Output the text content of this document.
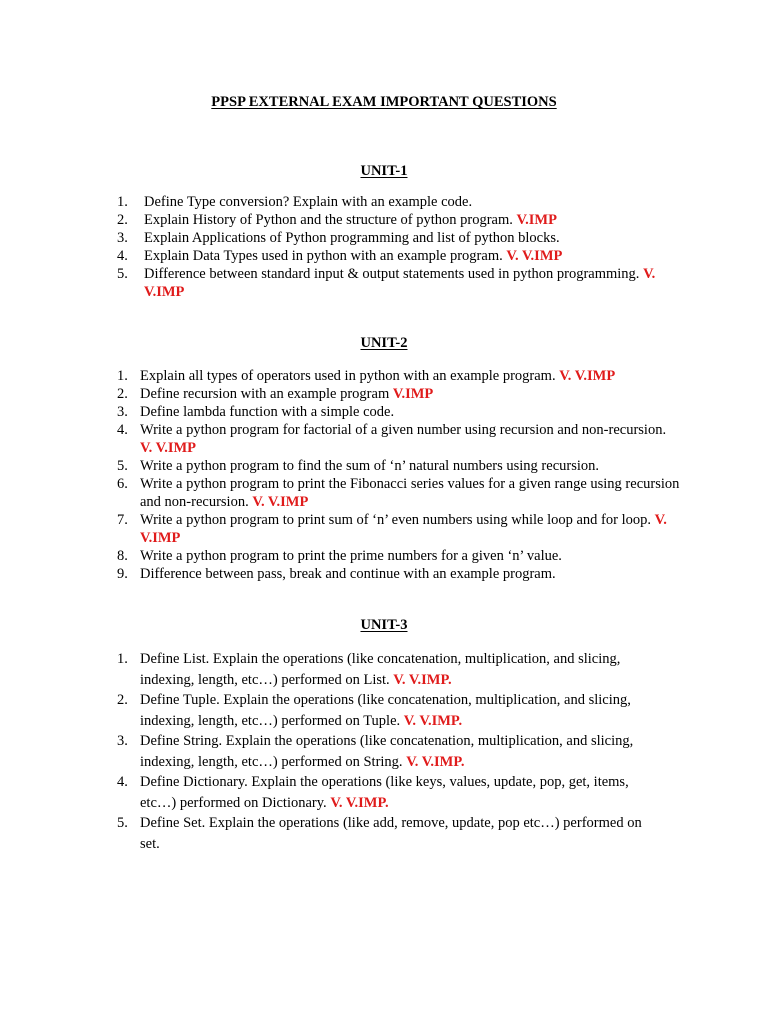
PPSP EXTERNAL EXAM IMPORTANT QUESTIONS
UNIT-1
1. Define Type conversion? Explain with an example code.
2. Explain History of Python and the structure of python program. V.IMP
3. Explain Applications of Python programming and list of python blocks.
4. Explain Data Types used in python with an example program. V. V.IMP
5. Difference between standard input & output statements used in python programming. V. V.IMP
UNIT-2
1. Explain all types of operators used in python with an example program. V. V.IMP
2. Define recursion with an example program V.IMP
3. Define lambda function with a simple code.
4. Write a python program for factorial of a given number using recursion and non-recursion. V. V.IMP
5. Write a python program to find the sum of ‘n’ natural numbers using recursion.
6. Write a python program to print the Fibonacci series values for a given range using recursion and non-recursion. V. V.IMP
7. Write a python program to print sum of ‘n’ even numbers using while loop and for loop. V. V.IMP
8. Write a python program to print the prime numbers for a given ‘n’ value.
9. Difference between pass, break and continue with an example program.
UNIT-3
1. Define List. Explain the operations (like concatenation, multiplication, and slicing, indexing, length, etc…) performed on List. V. V.IMP.
2. Define Tuple. Explain the operations (like concatenation, multiplication, and slicing, indexing, length, etc…) performed on Tuple. V. V.IMP.
3. Define String. Explain the operations (like concatenation, multiplication, and slicing, indexing, length, etc…) performed on String. V. V.IMP.
4. Define Dictionary. Explain the operations (like keys, values, update, pop, get, items, etc…) performed on Dictionary. V. V.IMP.
5. Define Set. Explain the operations (like add, remove, update, pop etc…) performed on set.
